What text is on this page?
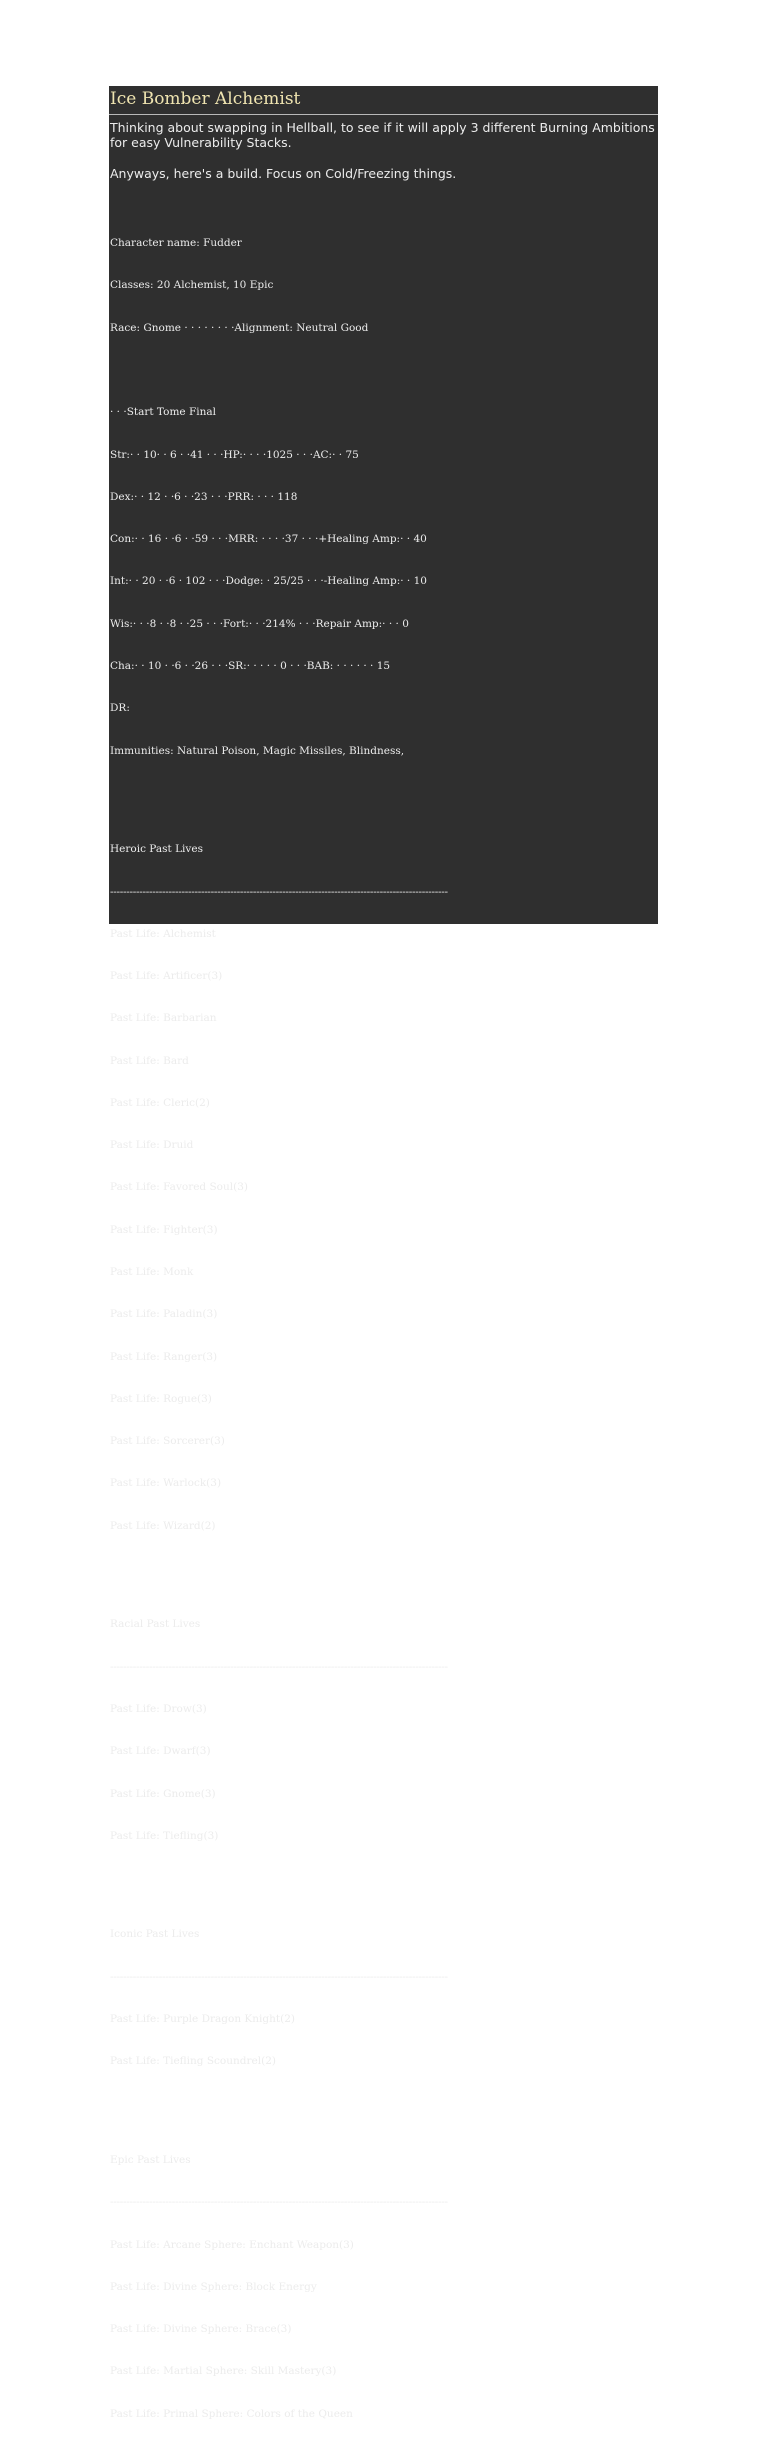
Ice Bomber Alchemist

Thinking about swapping in Hellball, to see if it will apply 3 different Burning Ambitions for easy Vulnerability Stacks.

Anyways, here's a build. Focus on Cold/Freezing things.

Character name: Fudder

Classes: 20 Alchemist, 10 Epic

Race: Gnome · · · · · · · ·Alignment: Neutral Good

· · ·Start Tome Final

Str:· · 10· · 6 · ·41 · · ·HP:· · · ·1025 · · ·AC:· · 75

Dex:· · 12 · ·6 · ·23 · · ·PRR: · · · 118

Con:· · 16 · ·6 · ·59 · · ·MRR: · · · ·37 · · ·+Healing Amp:· · 40

Int:· · 20 · ·6 · 102 · · ·Dodge: · 25/25 · · ·-Healing Amp:· · 10

Wis:· · ·8 · ·8 · ·25 · · ·Fort:· · ·214% · · ·Repair Amp:· · · 0

Cha:· · 10 · ·6 · ·26 · · ·SR:· · · · · 0 · · ·BAB: · · · · · · 15

DR:

Immunities: Natural Poison, Magic Missiles, Blindness,

Heroic Past Lives

--------------------------------------------------------------------------------------------------------

Past Life: Alchemist

Past Life: Artificer(3)

Past Life: Barbarian

Past Life: Bard

Past Life: Cleric(2)

Past Life: Druid

Past Life: Favored Soul(3)

Past Life: Fighter(3)

Past Life: Monk

Past Life: Paladin(3)

Past Life: Ranger(3)

Past Life: Rogue(3)

Past Life: Sorcerer(3)

Past Life: Warlock(3)

Past Life: Wizard(2)

Racial Past Lives

--------------------------------------------------------------------------------------------------------

Past Life: Drow(3)

Past Life: Dwarf(3)

Past Life: Gnome(3)

Past Life: Tiefling(3)

Iconic Past Lives

--------------------------------------------------------------------------------------------------------

Past Life: Purple Dragon Knight(2)

Past Life: Tiefling Scoundrel(2)

Epic Past Lives

--------------------------------------------------------------------------------------------------------

Past Life: Arcane Sphere: Enchant Weapon(3)

Past Life: Divine Sphere: Block Energy

Past Life: Divine Sphere: Brace(3)

Past Life: Martial Sphere: Skill Mastery(3)

Past Life: Primal Sphere: Colors of the Queen
